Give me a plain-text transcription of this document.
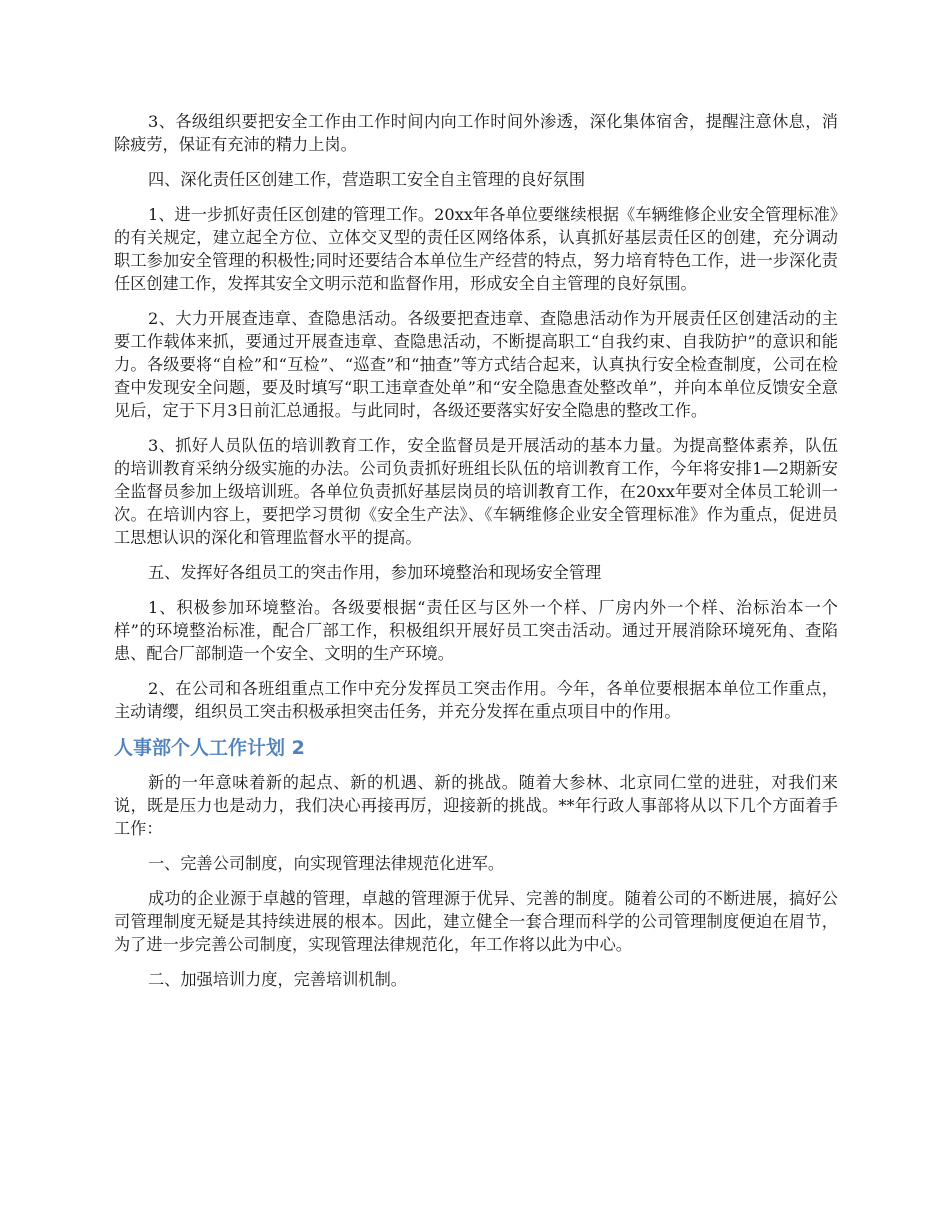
3、各级组织要把安全工作由工作时间内向工作时间外渗透，深化集体宿舍，提醒注意休息，消除疲劳，保证有充沛的精力上岗。

四、深化责任区创建工作，营造职工安全自主管理的良好氛围

1、进一步抓好责任区创建的管理工作。20xx年各单位要继续根据《车辆维修企业安全管理标准》的有关规定，建立起全方位、立体交叉型的责任区网络体系，认真抓好基层责任区的创建，充分调动职工参加安全管理的积极性;同时还要结合本单位生产经营的特点，努力培育特色工作，进一步深化责任区创建工作，发挥其安全文明示范和监督作用，形成安全自主管理的良好氛围。

2、大力开展查违章、查隐患活动。各级要把查违章、查隐患活动作为开展责任区创建活动的主要工作载体来抓，要通过开展查违章、查隐患活动，不断提高职工“自我约束、自我防护”的意识和能力。各级要将“自检”和“互检”、“巡查”和“抽查”等方式结合起来，认真执行安全检查制度，公司在检查中发现安全问题，要及时填写“职工违章查处单”和“安全隐患查处整改单”，并向本单位反馈安全意见后，定于下月3日前汇总通报。与此同时，各级还要落实好安全隐患的整改工作。

3、抓好人员队伍的培训教育工作，安全监督员是开展活动的基本力量。为提高整体素养，队伍的培训教育采纳分级实施的办法。公司负责抓好班组长队伍的培训教育工作，今年将安排1—2期新安全监督员参加上级培训班。各单位负责抓好基层岗员的培训教育工作，在20xx年要对全体员工轮训一次。在培训内容上，要把学习贯彻《安全生产法》、《车辆维修企业安全管理标准》作为重点，促进员工思想认识的深化和管理监督水平的提高。

五、发挥好各组员工的突击作用，参加环境整治和现场安全管理

1、积极参加环境整治。各级要根据“责任区与区外一个样、厂房内外一个样、治标治本一个样”的环境整治标准，配合厂部工作，积极组织开展好员工突击活动。通过开展消除环境死角、查陷患、配合厂部制造一个安全、文明的生产环境。

2、在公司和各班组重点工作中充分发挥员工突击作用。今年，各单位要根据本单位工作重点，主动请缨，组织员工突击积极承担突击任务，并充分发挥在重点项目中的作用。

人事部个人工作计划 2

新的一年意味着新的起点、新的机遇、新的挑战。随着大参林、北京同仁堂的进驻，对我们来说，既是压力也是动力，我们决心再接再厉，迎接新的挑战。**年行政人事部将从以下几个方面着手工作：

一、完善公司制度，向实现管理法律规范化进军。

成功的企业源于卓越的管理，卓越的管理源于优异、完善的制度。随着公司的不断进展，搞好公司管理制度无疑是其持续进展的根本。因此，建立健全一套合理而科学的公司管理制度便迫在眉节，为了进一步完善公司制度，实现管理法律规范化，年工作将以此为中心。

二、加强培训力度，完善培训机制。
